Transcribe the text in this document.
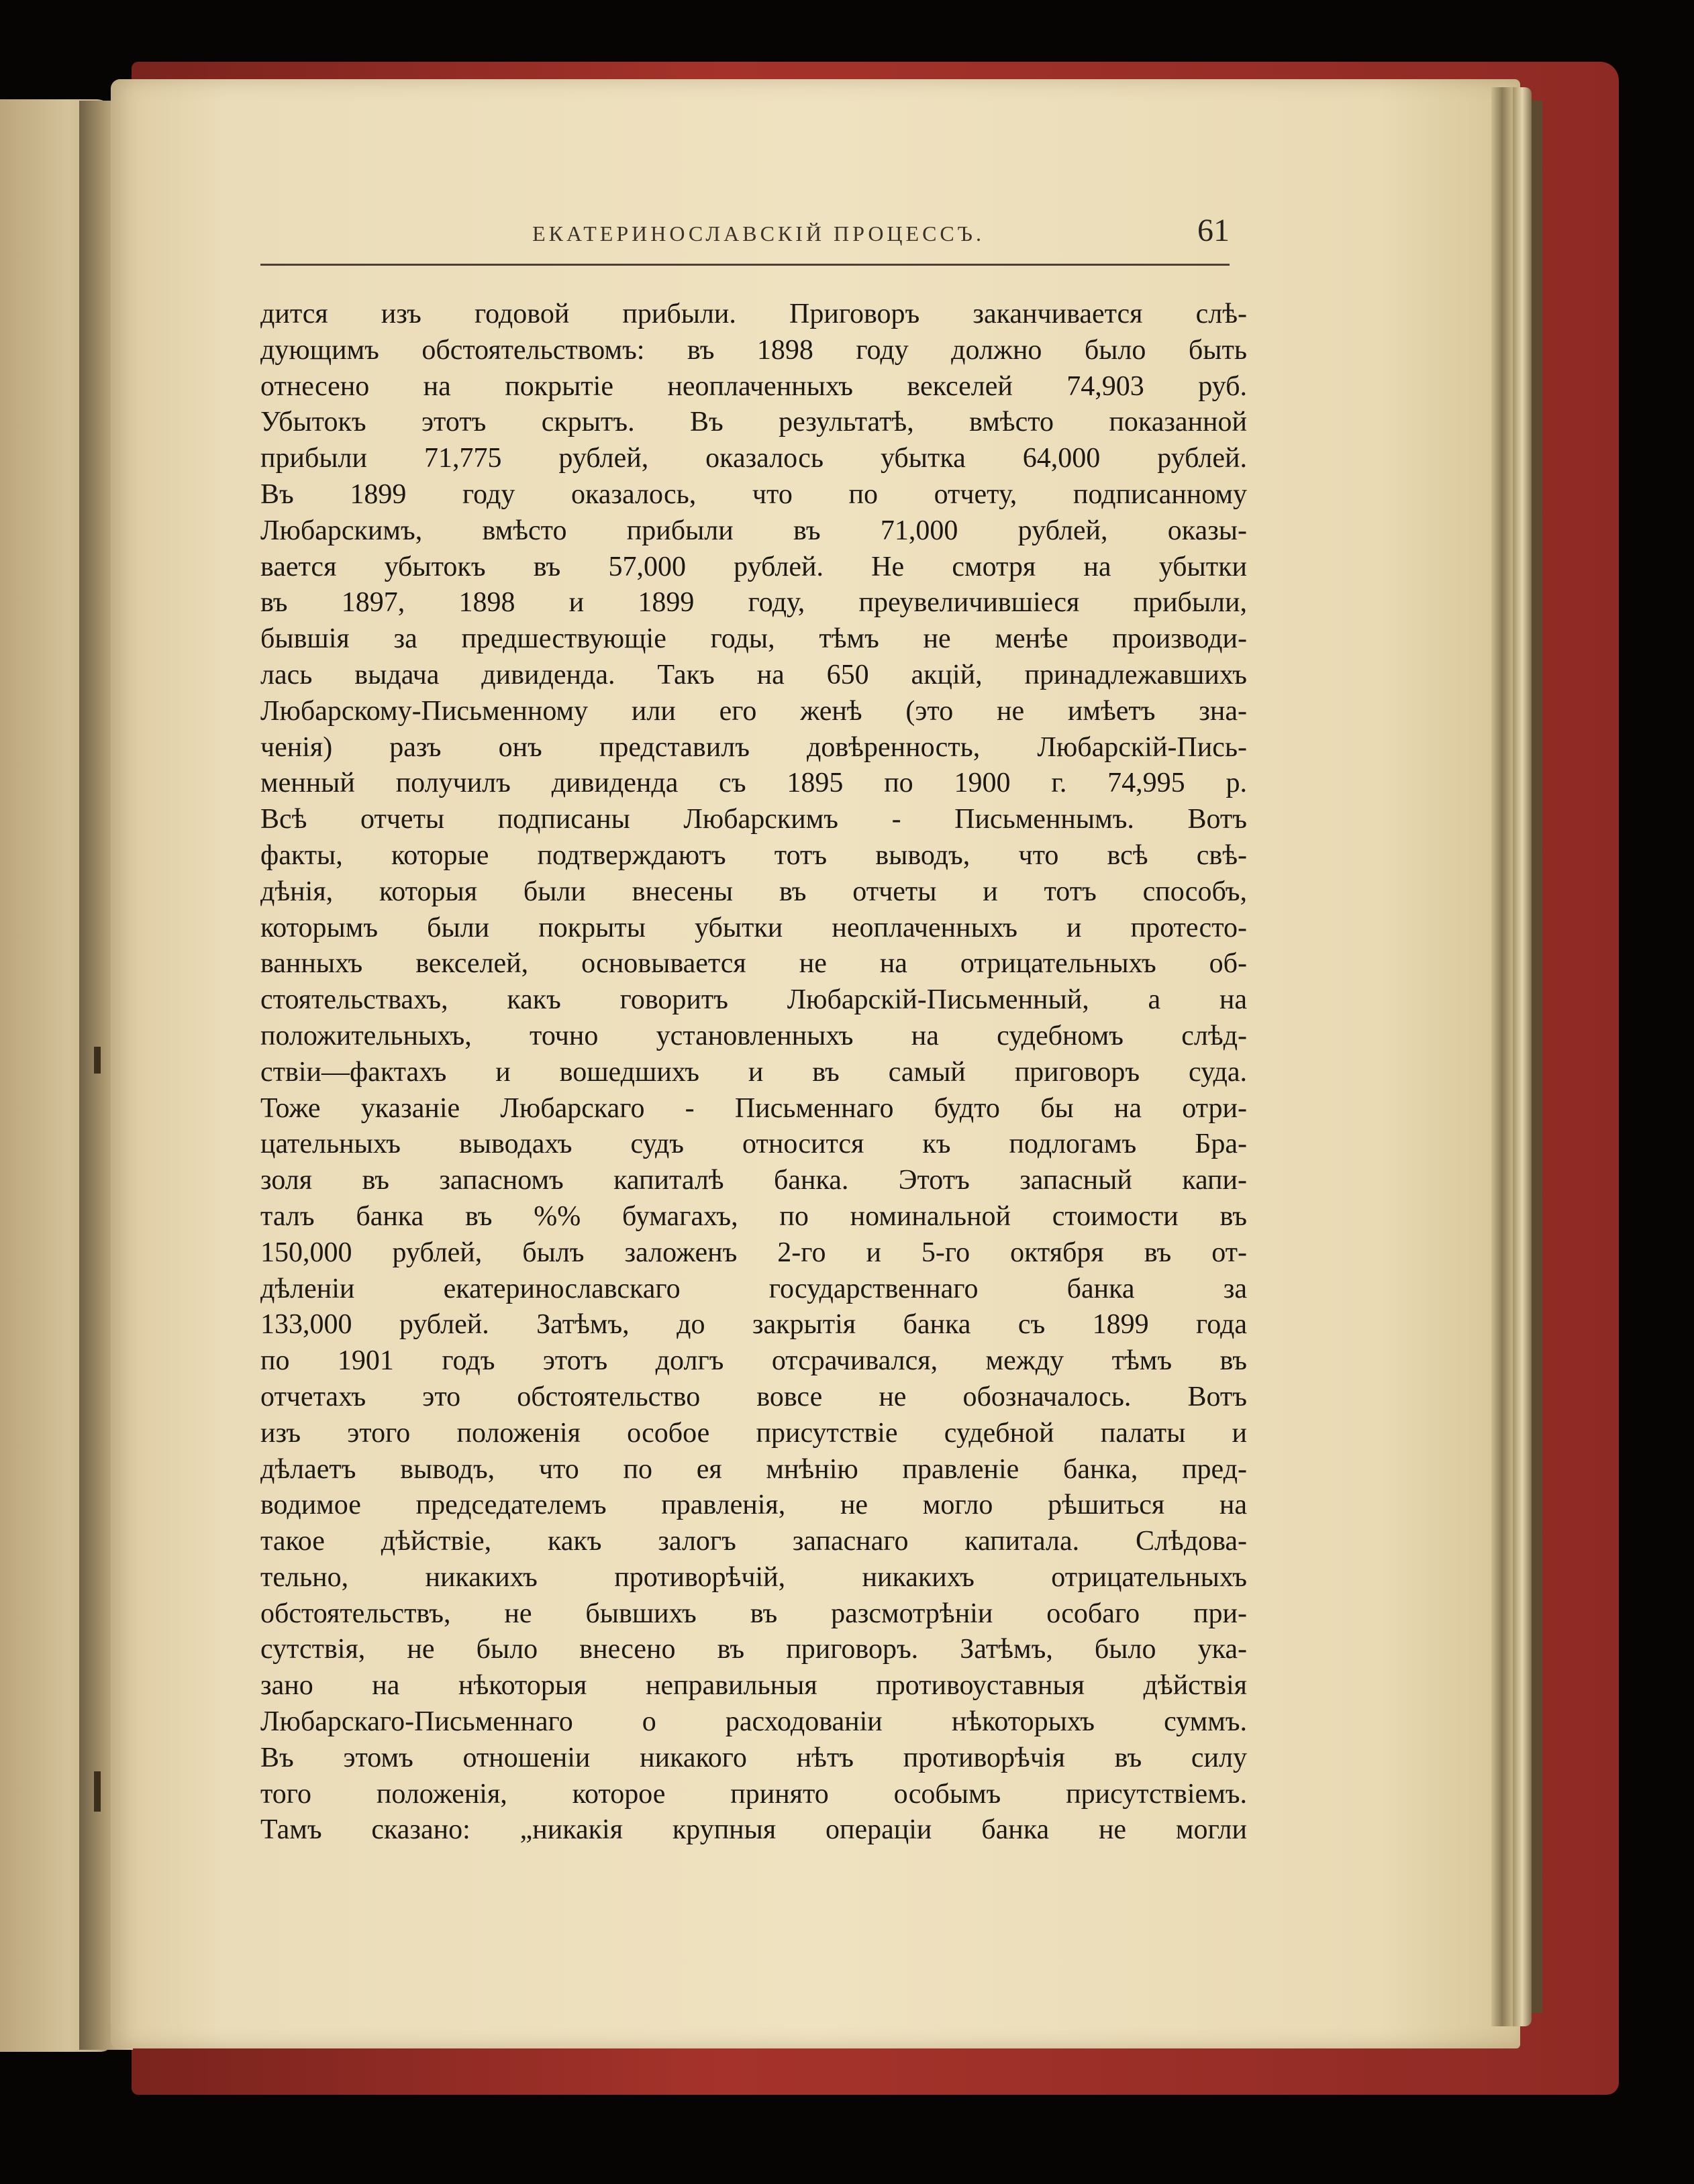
ЕКАТЕРИНОСЛАВСКІЙ ПРОЦЕССЪ.	61
дится изъ годовой прибыли. Приговоръ заканчивается слѣ-
дующимъ обстоятельствомъ: въ 1898 году должно было быть
отнесено на покрытіе неоплаченныхъ векселей 74,903 руб.
Убытокъ этотъ скрытъ. Въ результатѣ, вмѣсто показанной
прибыли 71,775 рублей, оказалось убытка 64,000 рублей.
Въ 1899 году оказалось, что по отчету, подписанному
Любарскимъ, вмѣсто прибыли въ 71,000 рублей, оказы-
вается убытокъ въ 57,000 рублей. Не смотря на убытки
въ 1897, 1898 и 1899 году, преувеличившіеся прибыли,
бывшія за предшествующіе годы, тѣмъ не менѣе производи-
лась выдача дивиденда. Такъ на 650 акцій, принадлежавшихъ
Любарскому-Письменному или его женѣ (это не имѣетъ зна-
ченія) разъ онъ представилъ довѣренность, Любарскій-Пись-
менный получилъ дивиденда съ 1895 по 1900 г. 74,995 р.
Всѣ отчеты подписаны Любарскимъ - Письменнымъ. Вотъ
факты, которые подтверждаютъ тотъ выводъ, что всѣ свѣ-
дѣнія, которыя были внесены въ отчеты и тотъ способъ,
которымъ были покрыты убытки неоплаченныхъ и протесто-
ванныхъ векселей, основывается не на отрицательныхъ об-
стоятельствахъ, какъ говоритъ Любарскій-Письменный, а на
положительныхъ, точно установленныхъ на судебномъ слѣд-
ствіи—фактахъ и вошедшихъ и въ самый приговоръ суда.
Тоже указаніе Любарскаго - Письменнаго будто бы на отри-
цательныхъ выводахъ судъ относится къ подлогамъ Бра-
золя въ запасномъ капиталѣ банка. Этотъ запасный капи-
талъ банка въ %% бумагахъ, по номинальной стоимости въ
150,000 рублей, былъ заложенъ 2-го и 5-го октября въ от-
дѣленіи екатеринославскаго государственнаго банка за
133,000 рублей. Затѣмъ, до закрытія банка съ 1899 года
по 1901 годъ этотъ долгъ отсрачивался, между тѣмъ въ
отчетахъ это обстоятельство вовсе не обозначалось. Вотъ
изъ этого положенія особое присутствіе судебной палаты и
дѣлаетъ выводъ, что по ея мнѣнію правленіе банка, пред-
водимое председателемъ правленія, не могло рѣшиться на
такое дѣйствіе, какъ залогъ запаснаго капитала. Слѣдова-
тельно, никакихъ противорѣчій, никакихъ отрицательныхъ
обстоятельствъ, не бывшихъ въ разсмотрѣніи особаго при-
сутствія, не было внесено въ приговоръ. Затѣмъ, было ука-
зано на нѣкоторыя неправильныя противоуставныя дѣйствія
Любарскаго-Письменнаго о расходованіи нѣкоторыхъ суммъ.
Въ этомъ отношеніи никакого нѣтъ противорѣчія въ силу
того положенія, которое принято особымъ присутствіемъ.
Тамъ сказано: „никакія крупныя операціи банка не могли
